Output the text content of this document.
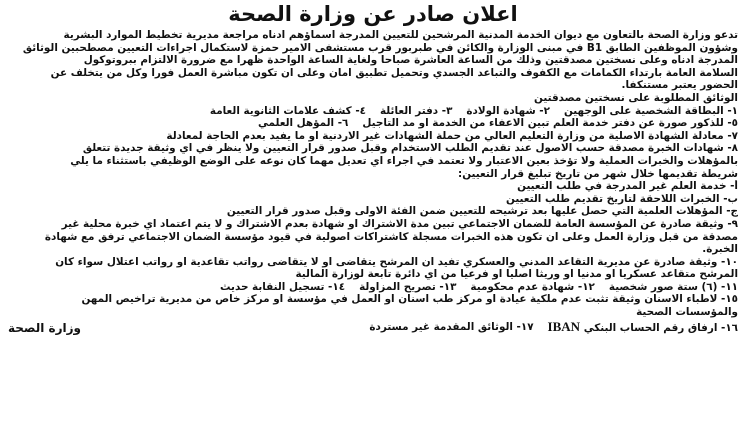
اعلان صادر عن وزارة الصحة
تدعو وزارة الصحة بالتعاون مع ديوان الخدمة المدنية المرشحين للتعيين المدرجة اسماؤهم ادناه مراجعة مديرية تخطيط الموارد البشرية
وشؤون الموظفين الطابق B1 في مبنى الوزارة والكائن في طبربور قرب مستشفى الامير حمزة لاستكمال اجراءات التعيين مصطحبين الوثائق
المدرجة ادناه وعلى نسختين مصدقتين وذلك من الساعة العاشرة صباحا ولغاية الساعة الواحدة ظهرا مع ضرورة الالتزام ببروتوكول
السلامة العامة بارتداء الكمامات مع الكفوف والتباعد الجسدي وتحميل تطبيق امان وعلى ان تكون مباشرة العمل فورا وكل من يتخلف عن
الحضور يعتبر مستنكفا.
الوثائق المطلوبة على نسختين مصدقتين
١- البطاقة الشخصية على الوجهين
٢- شهادة الولادة
٣- دفتر العائلة
٤- كشف علامات الثانوية العامة
٥- للذكور صورة عن دفتر خدمة العلم تبين الاعفاء من الخدمة او مد التاجيل
٦- المؤهل العلمي
٧- معادلة الشهادة الاصلية من وزارة التعليم العالي من حملة الشهادات غير الاردنية او ما يفيد بعدم الحاجة لمعادلة
٨- شهادات الخبرة مصدقة حسب الاصول عند تقديم الطلب الاستخدام وقبل صدور قرار التعيين ولا ينظر في اي وثيقة جديدة تتعلق
بالمؤهلات والخبرات العملية ولا تؤخذ بعين الاعتبار ولا تعتمد في اجراء اي تعديل مهما كان نوعه على الوضع الوظيفي باستثناء ما يلي
شريطة تقديمها خلال شهر من تاريخ تبليغ قرار التعيين:
أ- خدمة العلم غير المدرجة في طلب التعيين
ب- الخبرات اللاحقة لتاريخ تقديم طلب التعيين
ج- المؤهلات العلمية التي حصل عليها بعد ترشيحه للتعيين ضمن الفئة الاولى وقبل صدور قرار التعيين
٩- وثيقة صادرة عن المؤسسة العامة للضمان الاجتماعي تبين مدة الاشتراك او شهادة بعدم الاشتراك و لا يتم اعتماد اي خبرة محلية غير
مصدقة من قبل وزارة العمل وعلى ان تكون هذه الخبرات مسجلة كاشتراكات اصولية في قيود مؤسسة الضمان الاجتماعي ترفق مع شهادة
الخبرة.
١٠- وثيقة صادرة عن مديرية التقاعد المدني والعسكري تفيد ان المرشح يتقاضى او لا يتقاضى رواتب تقاعدية او رواتب اعتلال سواء كان
المرشح متقاعد عسكريا او مدنيا او وريثا اصليا او فرعيا من اي دائرة تابعة لوزارة المالية
١١- (٦) ستة صور شخصية
١٢- شهادة عدم محكومية
١٣- تصريح المزاولة
١٤- تسجيل النقابة حديث
١٥- لاطباء الاسنان وثيقة تثبت عدم ملكية عيادة او مركز طب اسنان او العمل في مؤسسة او مركز خاص من مديرية تراخيص المهن
والمؤسسات الصحية
١٦- ارفاق رقم الحساب البنكي IBAN
١٧- الوثائق المقدمة غير مستردة
وزارة الصحة
